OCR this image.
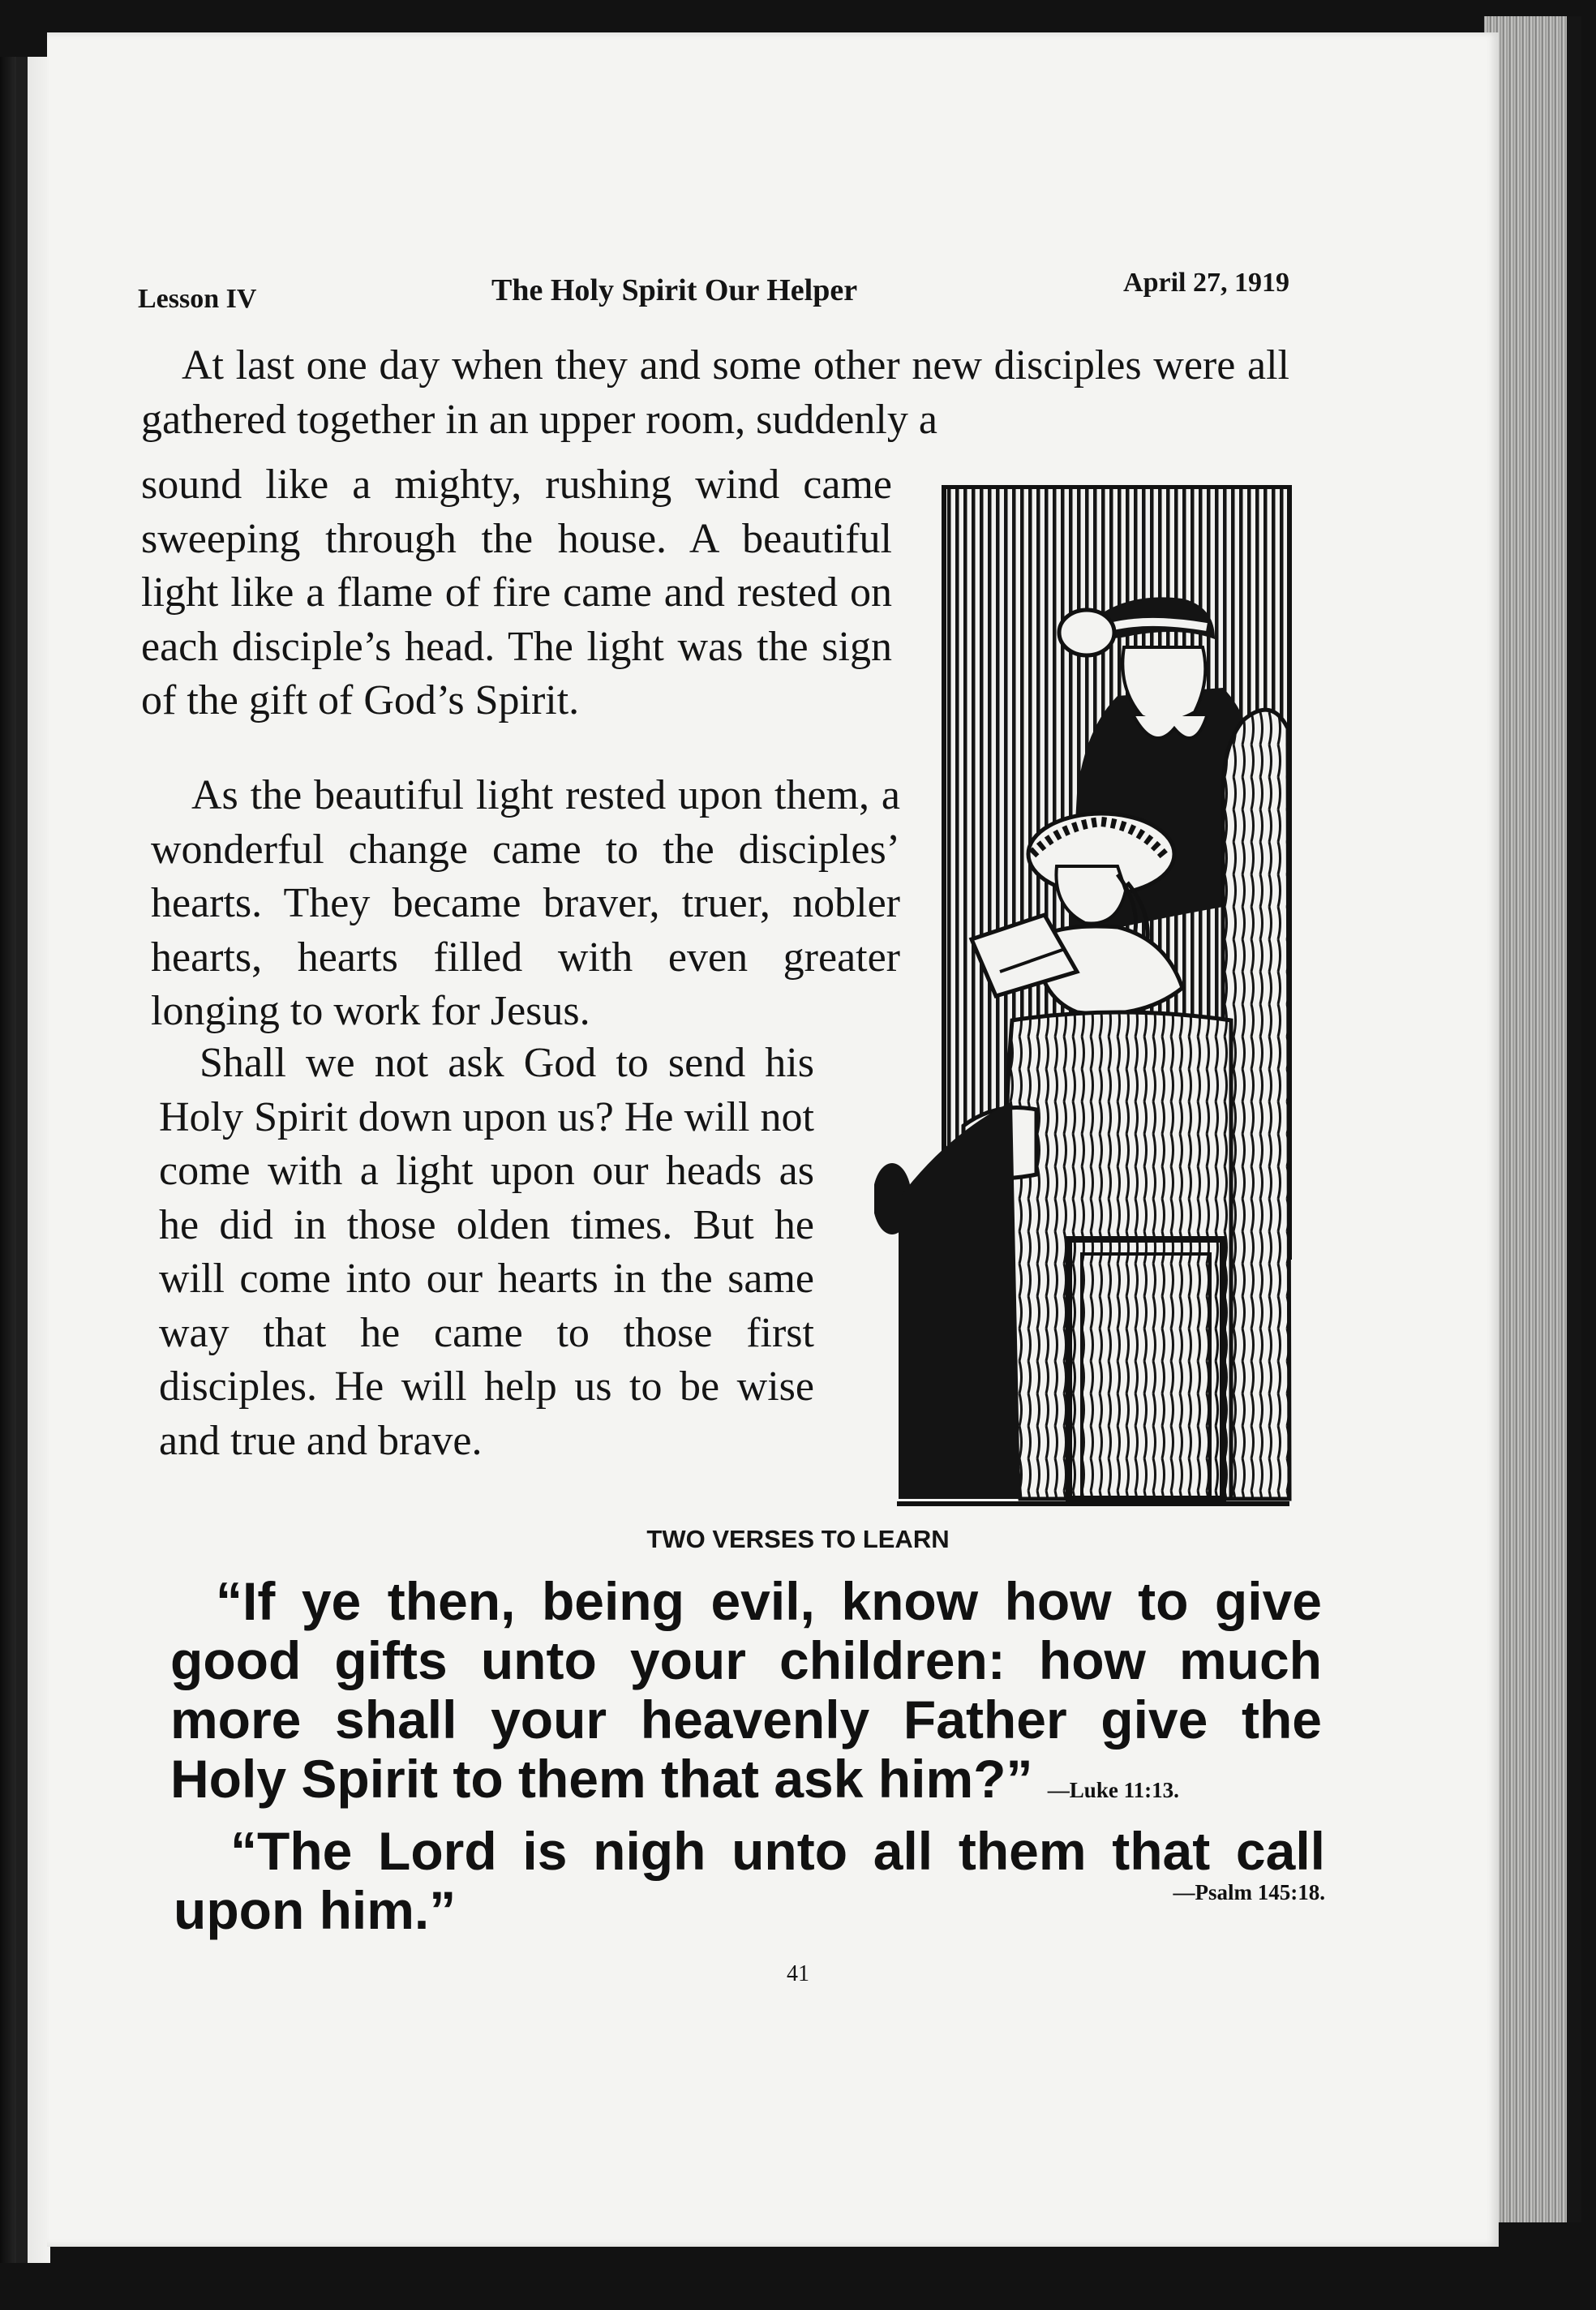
Lesson IV	The Holy Spirit Our Helper	April 27, 1919
At last one day when they and some other new disciples were all gathered together in an upper room, suddenly a
sound like a mighty, rushing wind came sweeping through the house. A beautiful light like a flame of fire came and rested on each disciple’s head. The light was the sign of the gift of God’s Spirit.
As the beautiful light rested upon them, a wonderful change came to the disciples’ hearts. They became braver, truer, nobler hearts, hearts filled with even greater longing to work for Jesus.
Shall we not ask God to send his Holy Spirit down upon us? He will not come with a light upon our heads as he did in those olden times. But he will come into our hearts in the same way that he came to those first disciples. He will help us to be wise and true and brave.
TWO VERSES TO LEARN
“If ye then, being evil, know how to give good gifts unto your children: how much more shall your heavenly Father give the Holy Spirit to them that ask him?” —Luke 11:13.
“The Lord is nigh unto all them that call upon him.”	—Psalm 145:18.
41
